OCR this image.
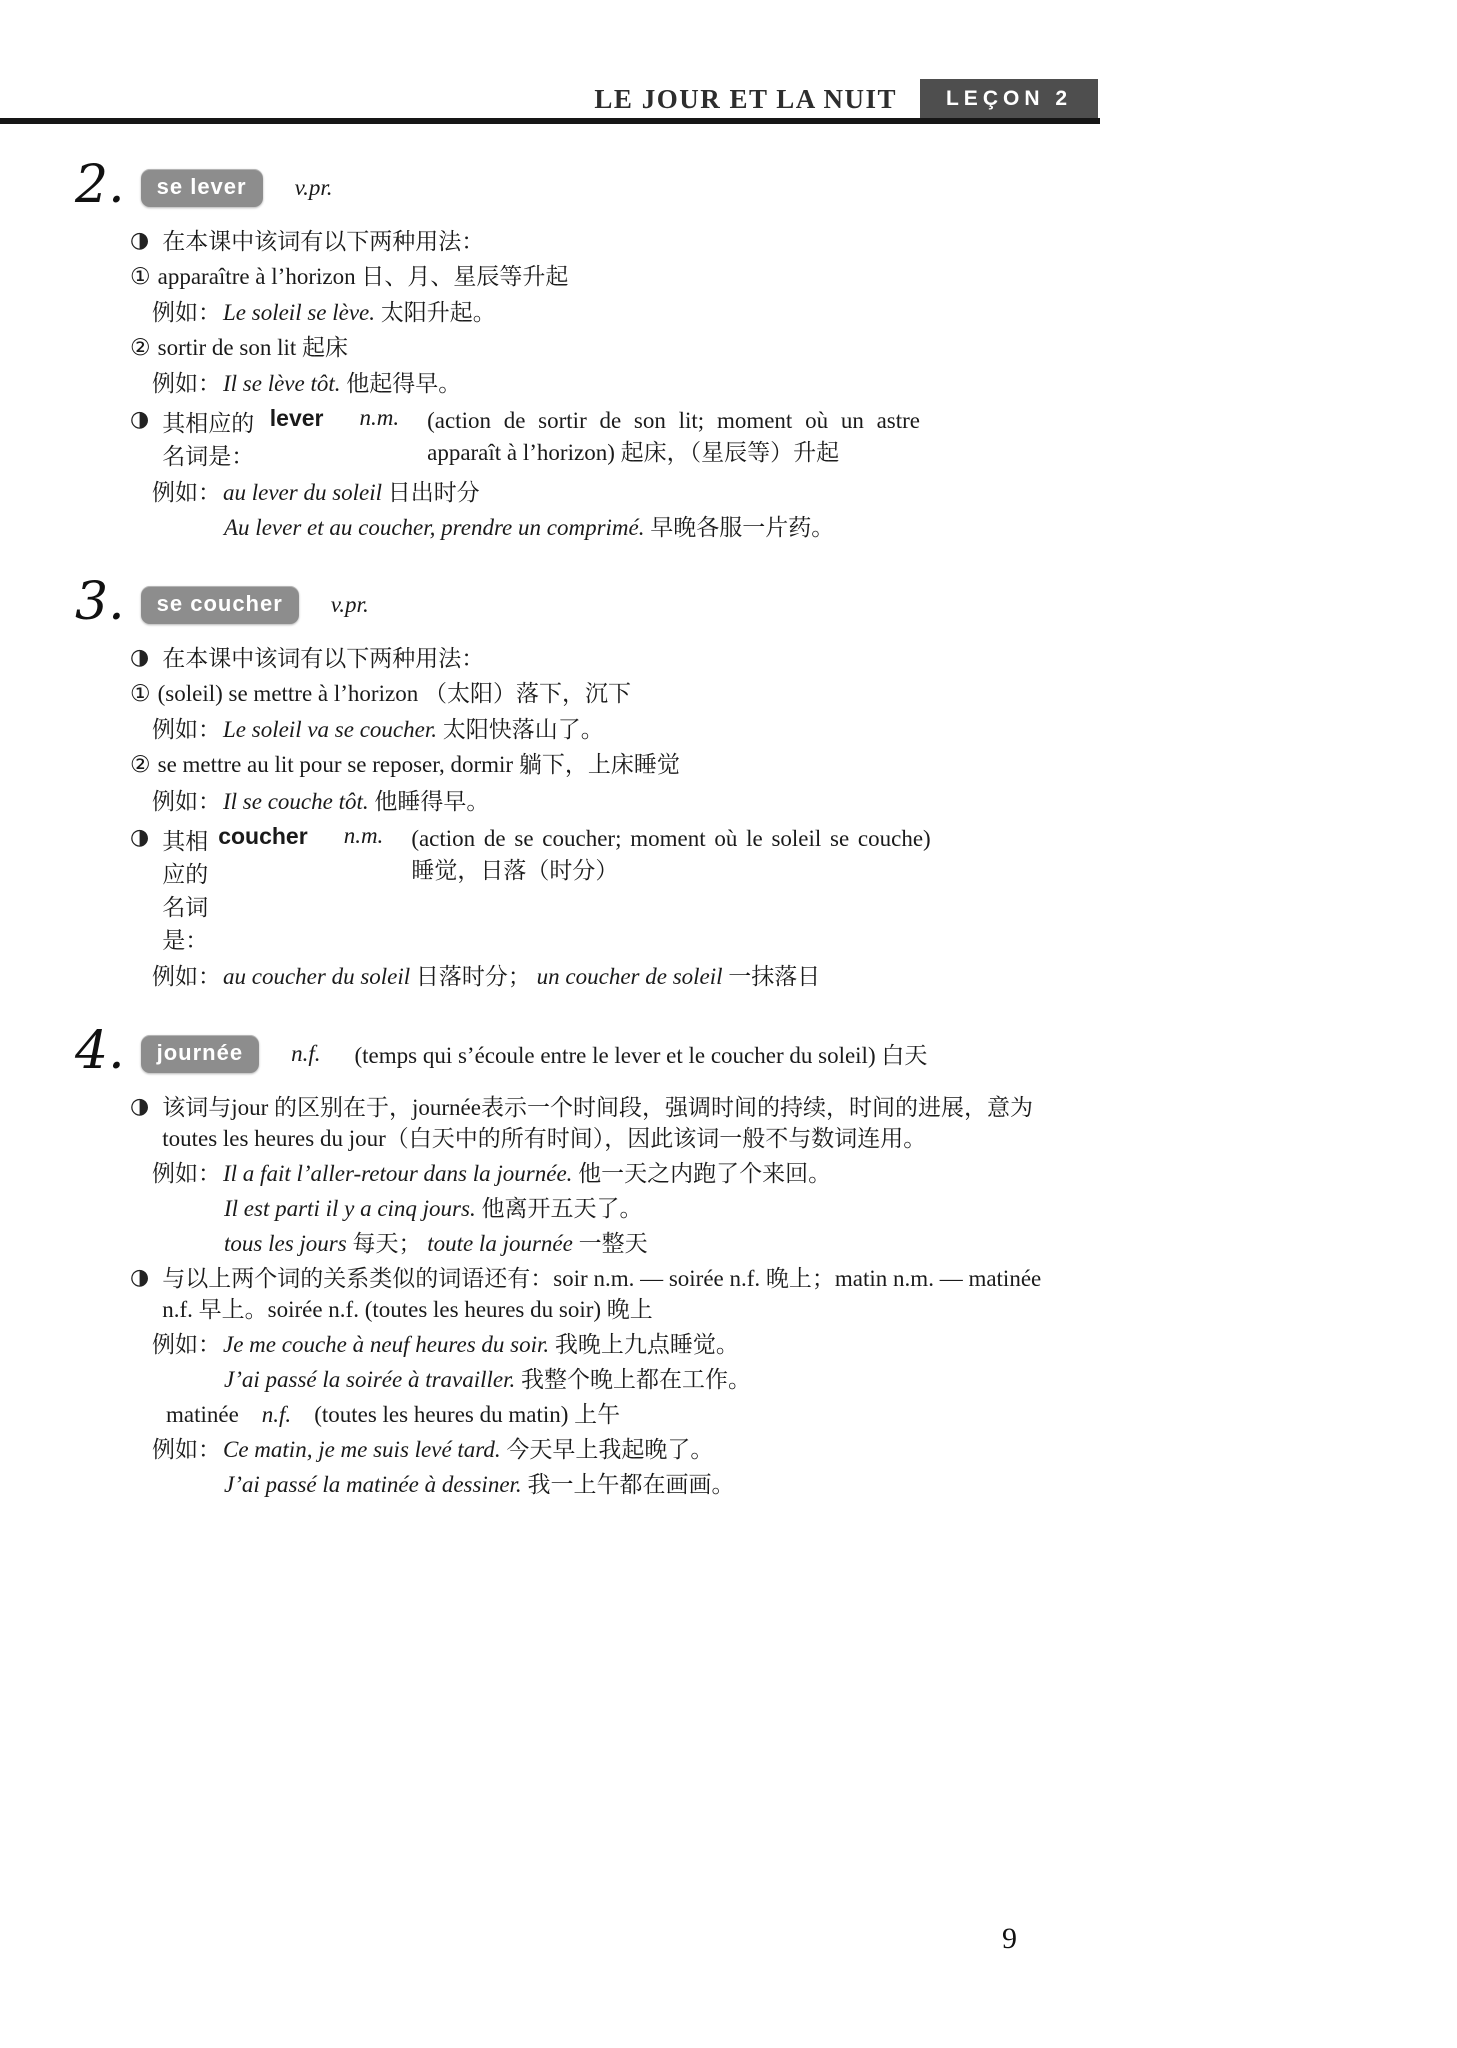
LE JOUR ET LA NUIT	LEÇON 2
2.	se lever	v.pr.
◑ 在本课中该词有以下两种用法：
① apparaître à l’horizon 日、月、星辰等升起
例如：Le soleil se lève. 太阳升起。
② sortir de son lit 起床
例如：Il se lève tôt. 他起得早。
◑ 其相应的名词是：
lever n.m. (action de sortir de son lit; moment où un astre
apparaît à l’horizon) 起床，（星辰等）升起
例如：au lever du soleil 日出时分
Au lever et au coucher, prendre un comprimé. 早晚各服一片药。
3.	se coucher	v.pr.
◑ 在本课中该词有以下两种用法：
① (soleil) se mettre à l’horizon （太阳）落下，沉下
例如：Le soleil va se coucher. 太阳快落山了。
② se mettre au lit pour se reposer, dormir 躺下，上床睡觉
例如：Il se couche tôt. 他睡得早。
◑ 其相应的名词是：
coucher n.m. (action de se coucher; moment où le soleil se couche)
睡觉，日落（时分）
例如：au coucher du soleil 日落时分； un coucher de soleil 一抹落日
4.	journée	n.f. (temps qui s’écoule entre le lever et le coucher du soleil) 白天
◑ 该词与jour 的区别在于，journée表示一个时间段，强调时间的持续，时间的进展，意为
toutes les heures du jour（白天中的所有时间），因此该词一般不与数词连用。
例如：Il a fait l’aller-retour dans la journée. 他一天之内跑了个来回。
Il est parti il y a cinq jours. 他离开五天了。
tous les jours 每天； toute la journée 一整天
◑ 与以上两个词的关系类似的词语还有：soir n.m. — soirée n.f. 晚上；matin n.m. — matinée
n.f. 早上。soirée n.f. (toutes les heures du soir) 晚上
例如：Je me couche à neuf heures du soir. 我晚上九点睡觉。
J’ai passé la soirée à travailler. 我整个晚上都在工作。
matinée n.f. (toutes les heures du matin) 上午
例如：Ce matin, je me suis levé tard. 今天早上我起晚了。
J’ai passé la matinée à dessiner. 我一上午都在画画。
9
